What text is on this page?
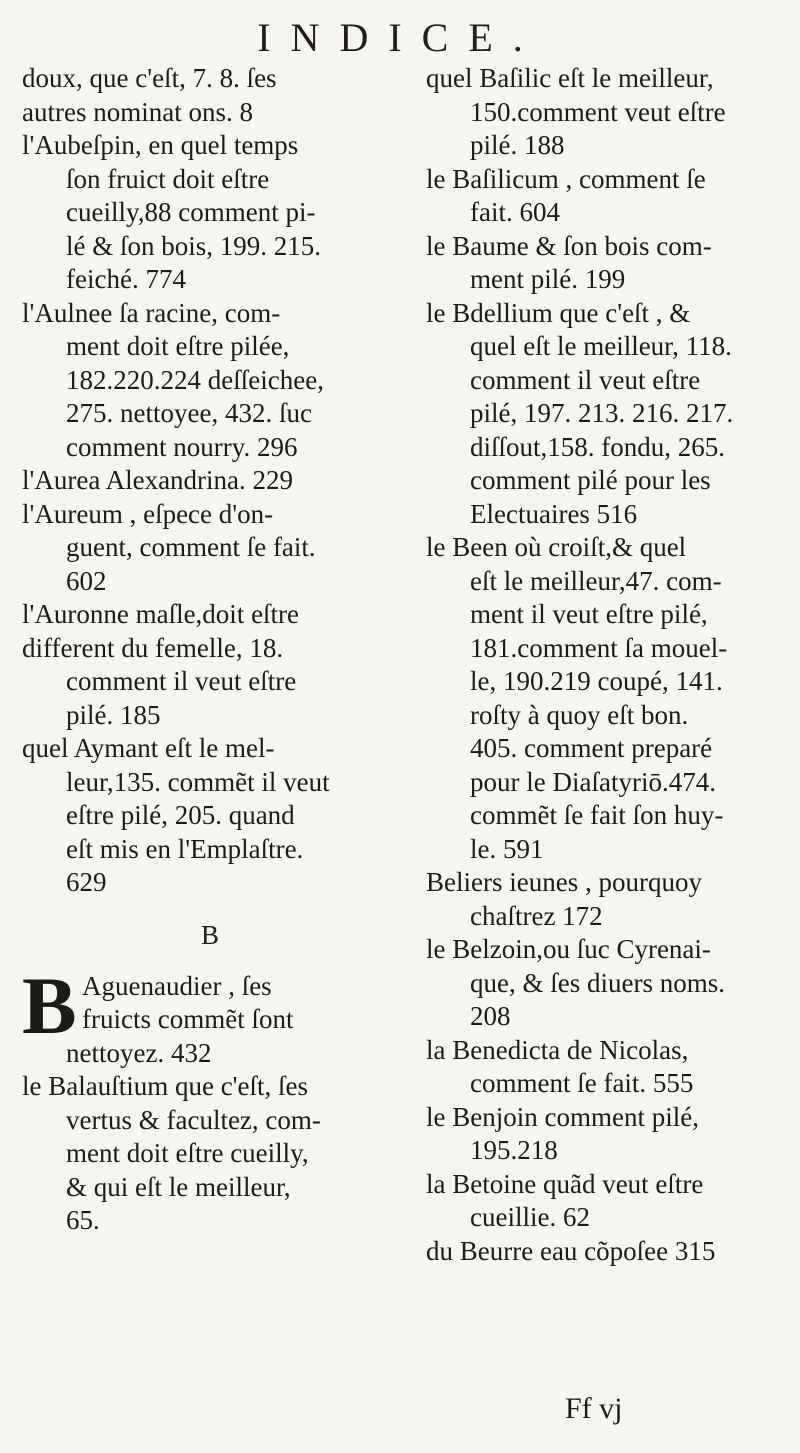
INDICE.
doux, que c'eſt, 7. 8. ſes
autres nominat ons. 8
l'Aubeſpin, en quel temps
ſon fruict doit eſtre
cueilly,88 comment pi-
lé & ſon bois, 199. 215.
feiché. 774
l'Aulnee ſa racine, com-
ment doit eſtre pilée,
182.220.224 deſſeichee,
275. nettoyee, 432. ſuc
comment nourry. 296
l'Aurea Alexandrina. 229
l'Aureum , eſpece d'on-
guent, comment ſe fait.
602
l'Auronne maſle,doit eſtre
different du femelle, 18.
comment il veut eſtre
pilé. 185
quel Aymant eſt le mel-
leur,135. commẽt il veut
eſtre pilé, 205. quand
eſt mis en l'Emplaſtre.
629
B
B Aguenaudier , ſes
fruicts commẽt ſont
nettoyez. 432
le Balauſtium que c'eſt, ſes
vertus & facultez, com-
ment doit eſtre cueilly,
& qui eſt le meilleur,
65.
quel Baſilic eſt le meilleur,
150.comment veut eſtre
pilé. 188
le Baſilicum , comment ſe
fait. 604
le Baume & ſon bois com-
ment pilé. 199
le Bdellium que c'eſt , &
quel eſt le meilleur, 118.
comment il veut eſtre
pilé, 197. 213. 216. 217.
diſſout,158. fondu, 265.
comment pilé pour les
Electuaires 516
le Been où croiſt,& quel
eſt le meilleur,47. com-
ment il veut eſtre pilé,
181.comment ſa mouel-
le, 190.219 coupé, 141.
roſty à quoy eſt bon.
405. comment preparé
pour le Diaſatyriō.474.
commẽt ſe fait ſon huy-
le. 591
Beliers ieunes , pourquoy
chaſtrez 172
le Belzoin,ou ſuc Cyrenai-
que, & ſes diuers noms.
208
la Benedicta de Nicolas,
comment ſe fait. 555
le Benjoin comment pilé,
195.218
la Betoine quãd veut eſtre
cueillie. 62
du Beurre eau cõpoſee 315
Ff vj
